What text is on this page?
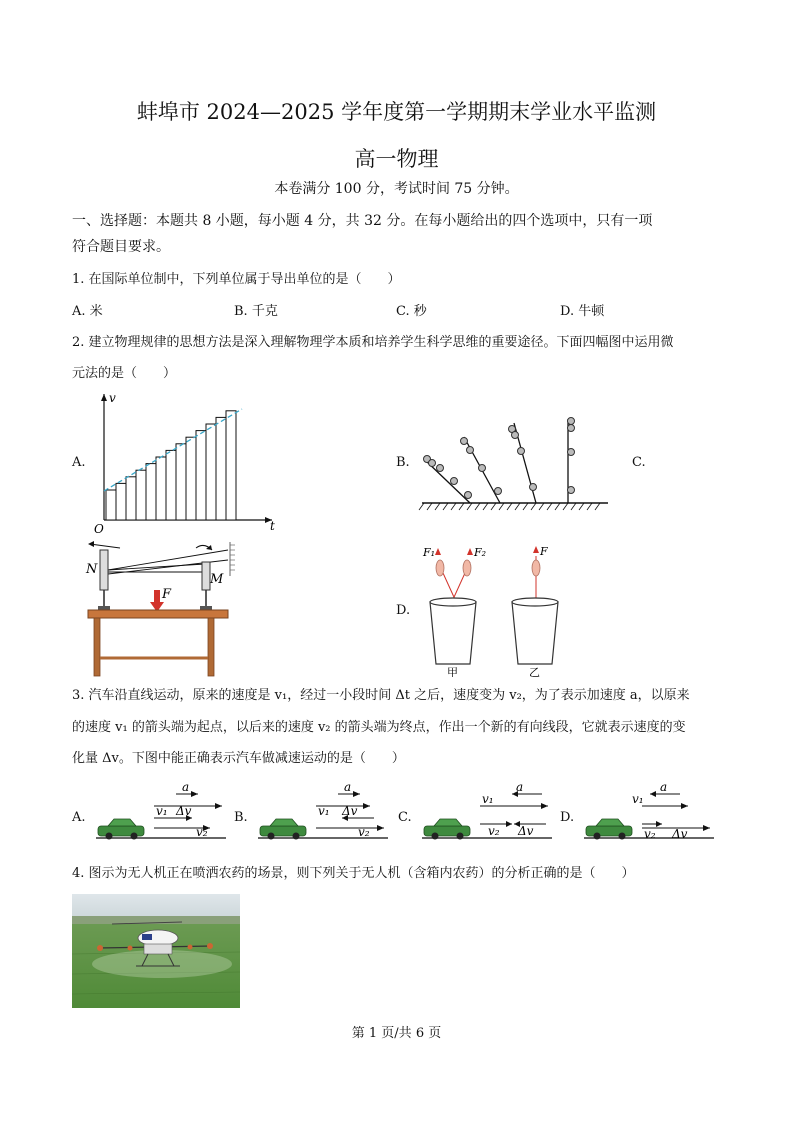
蚌埠市 2024—2025 学年度第一学期期末学业水平监测
高一物理
本卷满分 100 分，考试时间 75 分钟。
一、选择题：本题共 8 小题，每小题 4 分，共 32 分。在每小题给出的四个选项中，只有一项
符合题目要求。
1. 在国际单位制中，下列单位属于导出单位的是（　　）
A. 米	B. 千克	C. 秒	D. 牛顿
2. 建立物理规律的思想方法是深入理解物理学本质和培养学生科学思维的重要途径。下面四幅图中运用微
元法的是（　　）
A.	B.	C.
D.
v
t
O
N
M
F
F₁	F₂	F
甲	乙
3. 汽车沿直线运动，原来的速度是 v₁，经过一小段时间 Δt 之后，速度变为 v₂，为了表示加速度 a，以原来
的速度 v₁ 的箭头端为起点，以后来的速度 v₂ 的箭头端为终点，作出一个新的有向线段，它就表示速度的变
化量 Δv。下图中能正确表示汽车做减速运动的是（　　）
A.	B.	C.	D.
a
Δv
v₁
v₂
a
Δv
v₁
v₂
a
v₁
v₂ Δv
a
v₁
v₂ Δv
4. 图示为无人机正在喷洒农药的场景，则下列关于无人机（含箱内农药）的分析正确的是（　　）
第 1 页/共 6 页
